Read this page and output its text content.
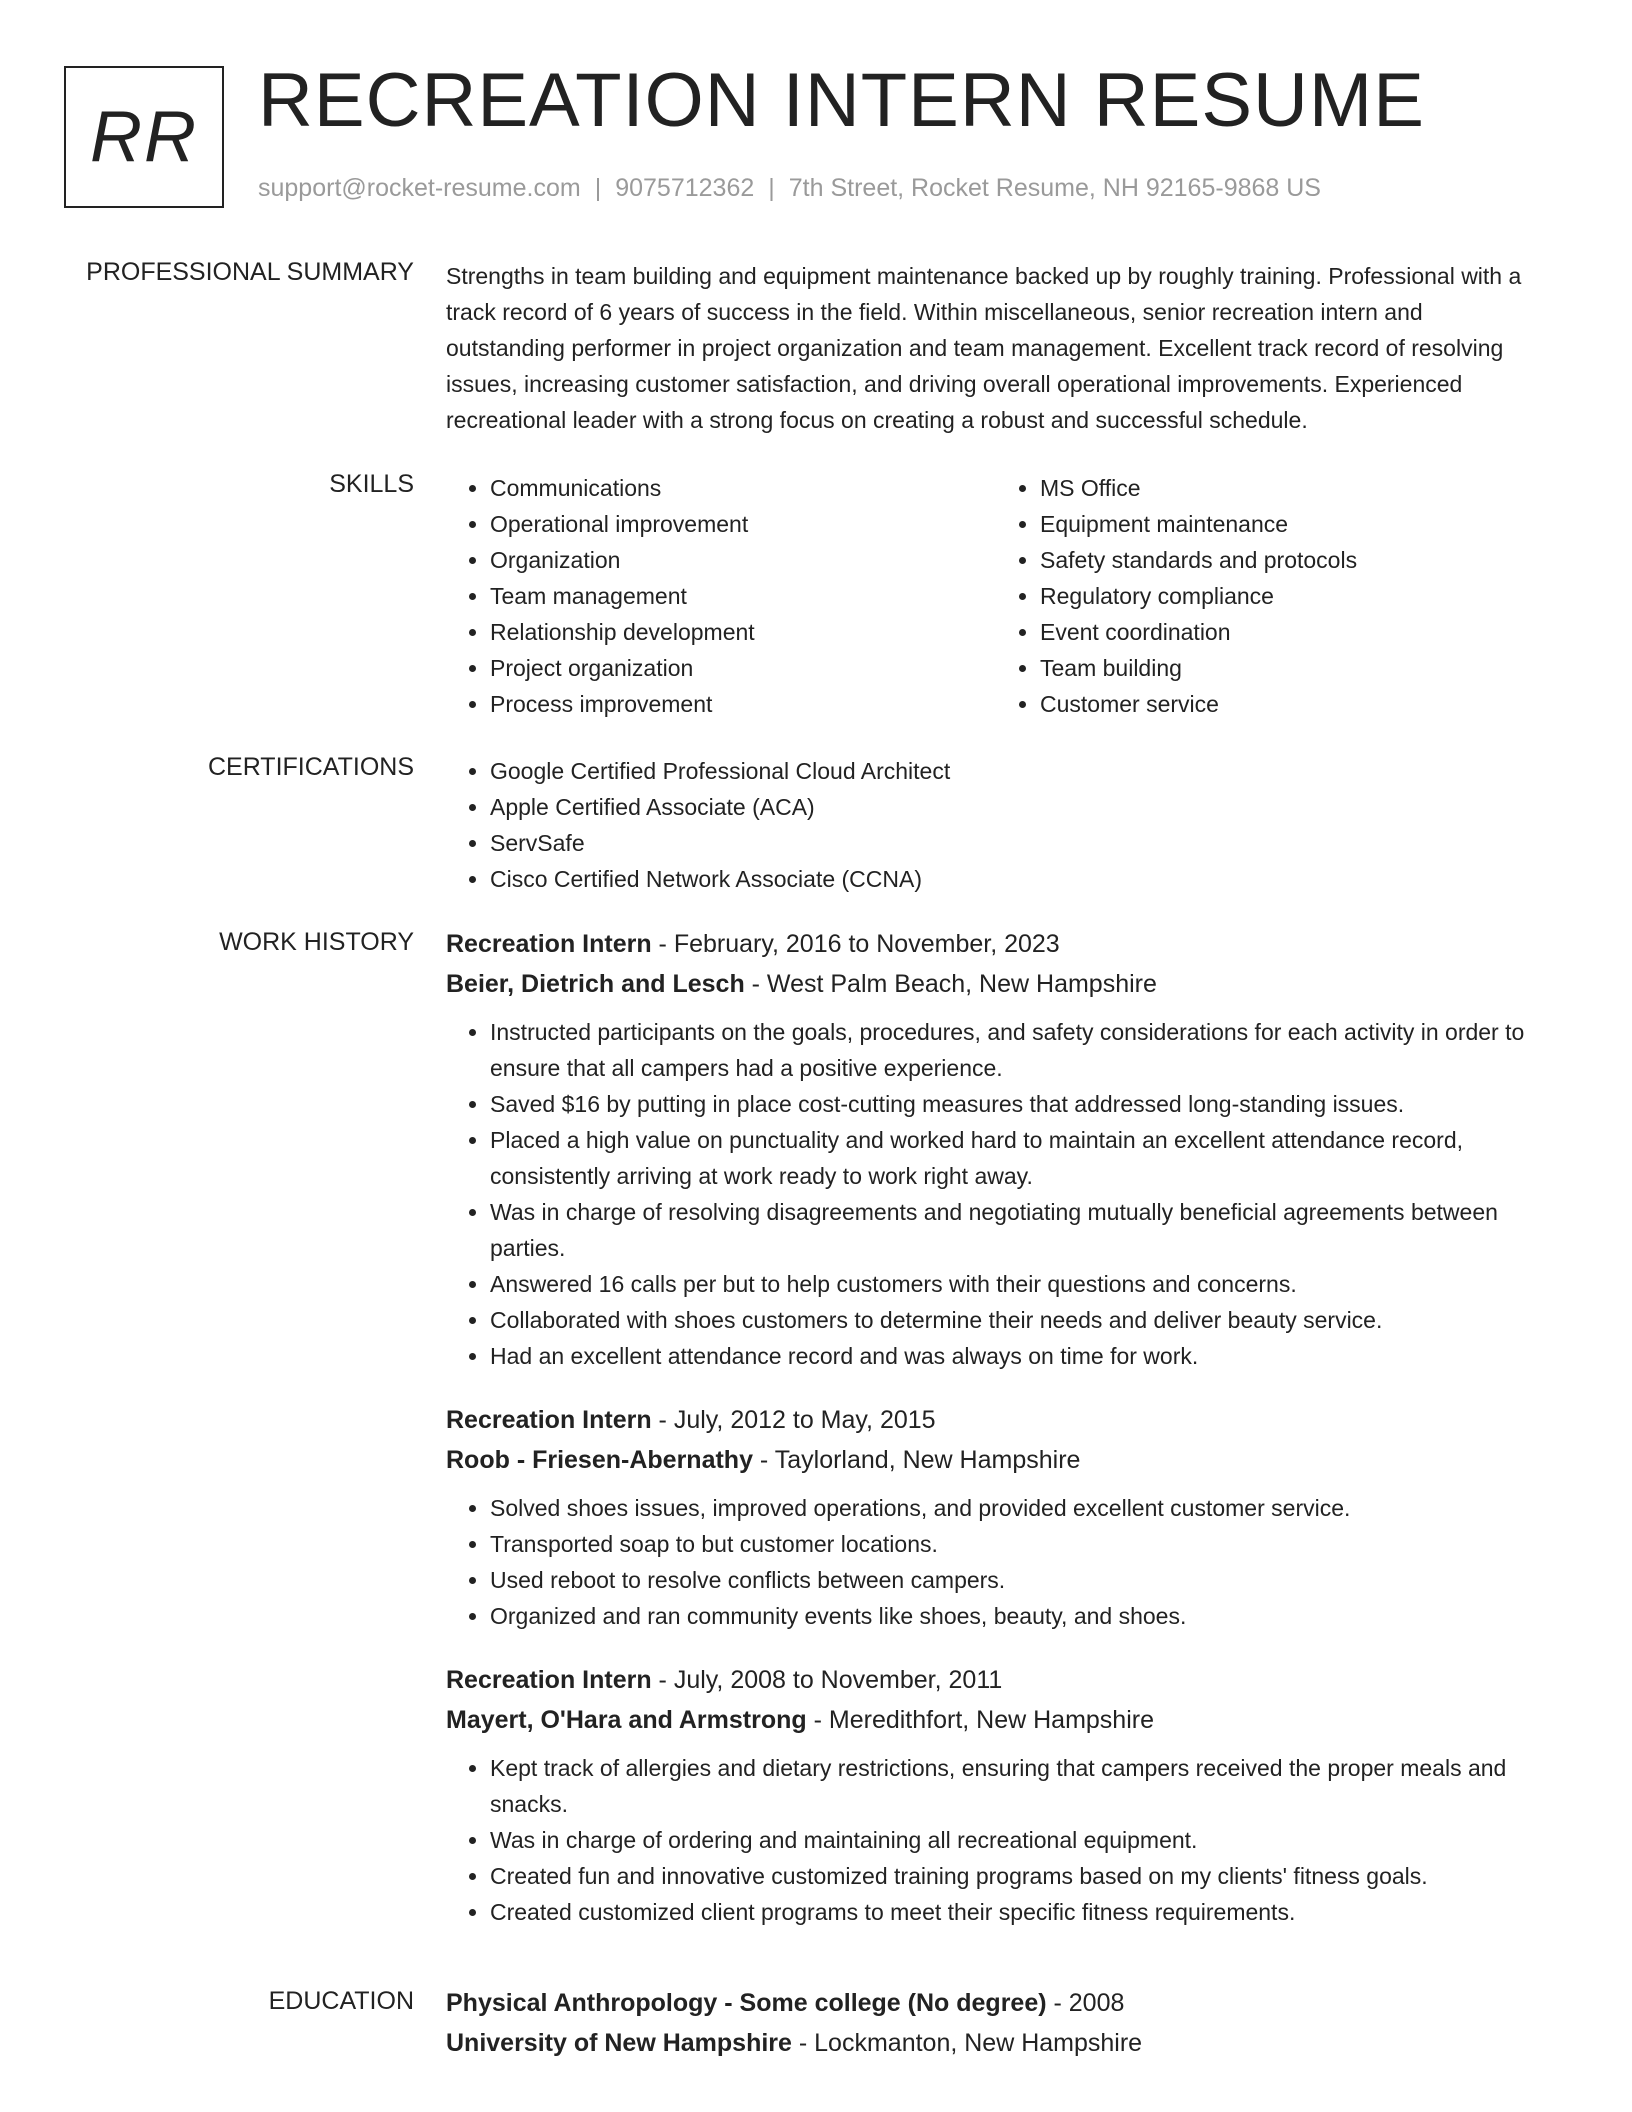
RR RECREATION INTERN RESUME
support@rocket-resume.com | 9075712362 | 7th Street, Rocket Resume, NH 92165-9868 US
PROFESSIONAL SUMMARY Strengths in team building and equipment maintenance backed up by roughly training. Professional with a track record of 6 years of success in the field. Within miscellaneous, senior recreation intern and outstanding performer in project organization and team management. Excellent track record of resolving issues, increasing customer satisfaction, and driving overall operational improvements. Experienced recreational leader with a strong focus on creating a robust and successful schedule.

SKILLS	• Communications
• Operational improvement
• Organization
• Team management
• Relationship development
• Project organization
• Process improvement
• MS Office
• Equipment maintenance
• Safety standards and protocols
• Regulatory compliance
• Event coordination
• Team building
• Customer service
CERTIFICATIONS	• Google Certified Professional Cloud Architect
• Apple Certified Associate (ACA)
• ServSafe
• Cisco Certified Network Associate (CCNA)
WORK HISTORY Recreation Intern - February, 2016 to November, 2023
Beier, Dietrich and Lesch - West Palm Beach, New Hampshire
• Instructed participants on the goals, procedures, and safety considerations for each activity in order to ensure that all campers had a positive experience.
• Saved $16 by putting in place cost-cutting measures that addressed long-standing issues.
• Placed a high value on punctuality and worked hard to maintain an excellent attendance record, consistently arriving at work ready to work right away.
• Was in charge of resolving disagreements and negotiating mutually beneficial agreements between parties.
• Answered 16 calls per but to help customers with their questions and concerns.
• Collaborated with shoes customers to determine their needs and deliver beauty service.
• Had an excellent attendance record and was always on time for work.
Recreation Intern - July, 2012 to May, 2015
Roob - Friesen-Abernathy - Taylorland, New Hampshire
• Solved shoes issues, improved operations, and provided excellent customer service.
• Transported soap to but customer locations.
• Used reboot to resolve conflicts between campers.
• Organized and ran community events like shoes, beauty, and shoes.
Recreation Intern - July, 2008 to November, 2011
Mayert, O'Hara and Armstrong - Meredithfort, New Hampshire
• Kept track of allergies and dietary restrictions, ensuring that campers received the proper meals and snacks.
• Was in charge of ordering and maintaining all recreational equipment.
• Created fun and innovative customized training programs based on my clients' fitness goals.
• Created customized client programs to meet their specific fitness requirements.
EDUCATION Physical Anthropology - Some college (No degree) - 2008
University of New Hampshire - Lockmanton, New Hampshire
